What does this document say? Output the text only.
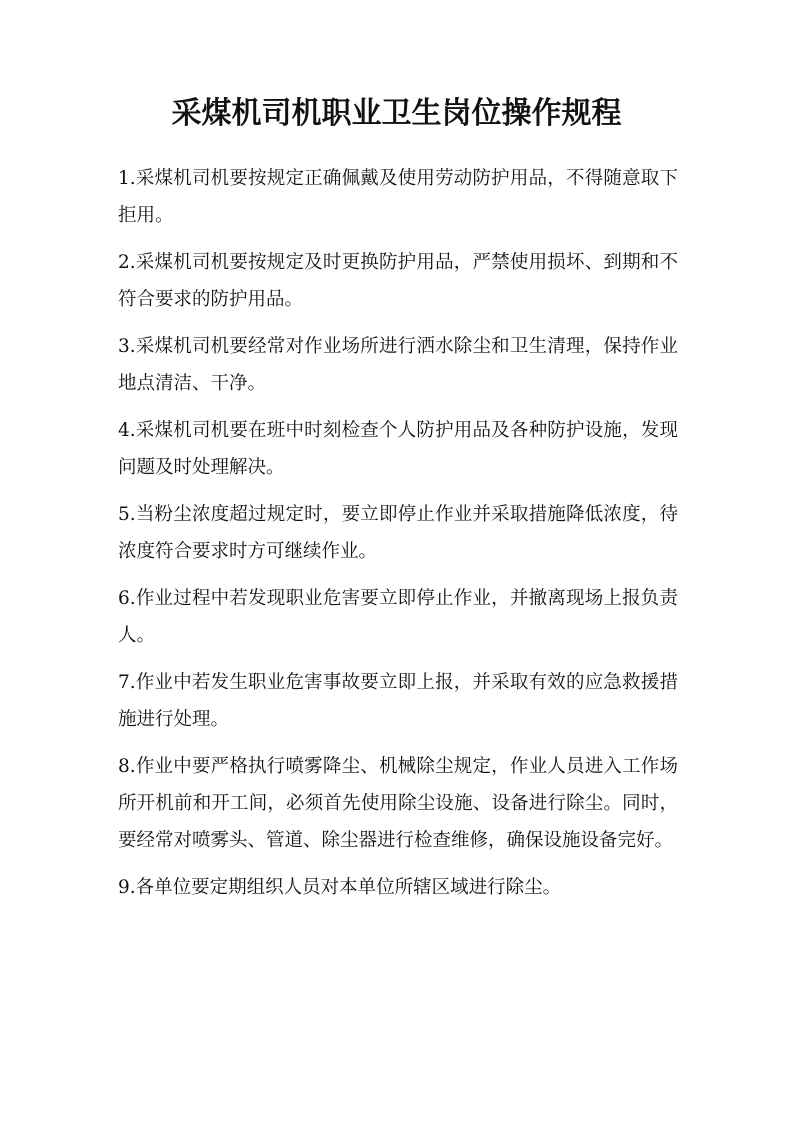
采煤机司机职业卫生岗位操作规程
1.采煤机司机要按规定正确佩戴及使用劳动防护用品，不得随意取下拒用。
2.采煤机司机要按规定及时更换防护用品，严禁使用损坏、到期和不符合要求的防护用品。
3.采煤机司机要经常对作业场所进行洒水除尘和卫生清理，保持作业地点清洁、干净。
4.采煤机司机要在班中时刻检查个人防护用品及各种防护设施，发现问题及时处理解决。
5.当粉尘浓度超过规定时，要立即停止作业并采取措施降低浓度，待浓度符合要求时方可继续作业。
6.作业过程中若发现职业危害要立即停止作业，并撤离现场上报负责人。
7.作业中若发生职业危害事故要立即上报，并采取有效的应急救援措施进行处理。
8.作业中要严格执行喷雾降尘、机械除尘规定，作业人员进入工作场所开机前和开工间，必须首先使用除尘设施、设备进行除尘。同时，要经常对喷雾头、管道、除尘器进行检查维修，确保设施设备完好。
9.各单位要定期组织人员对本单位所辖区域进行除尘。
